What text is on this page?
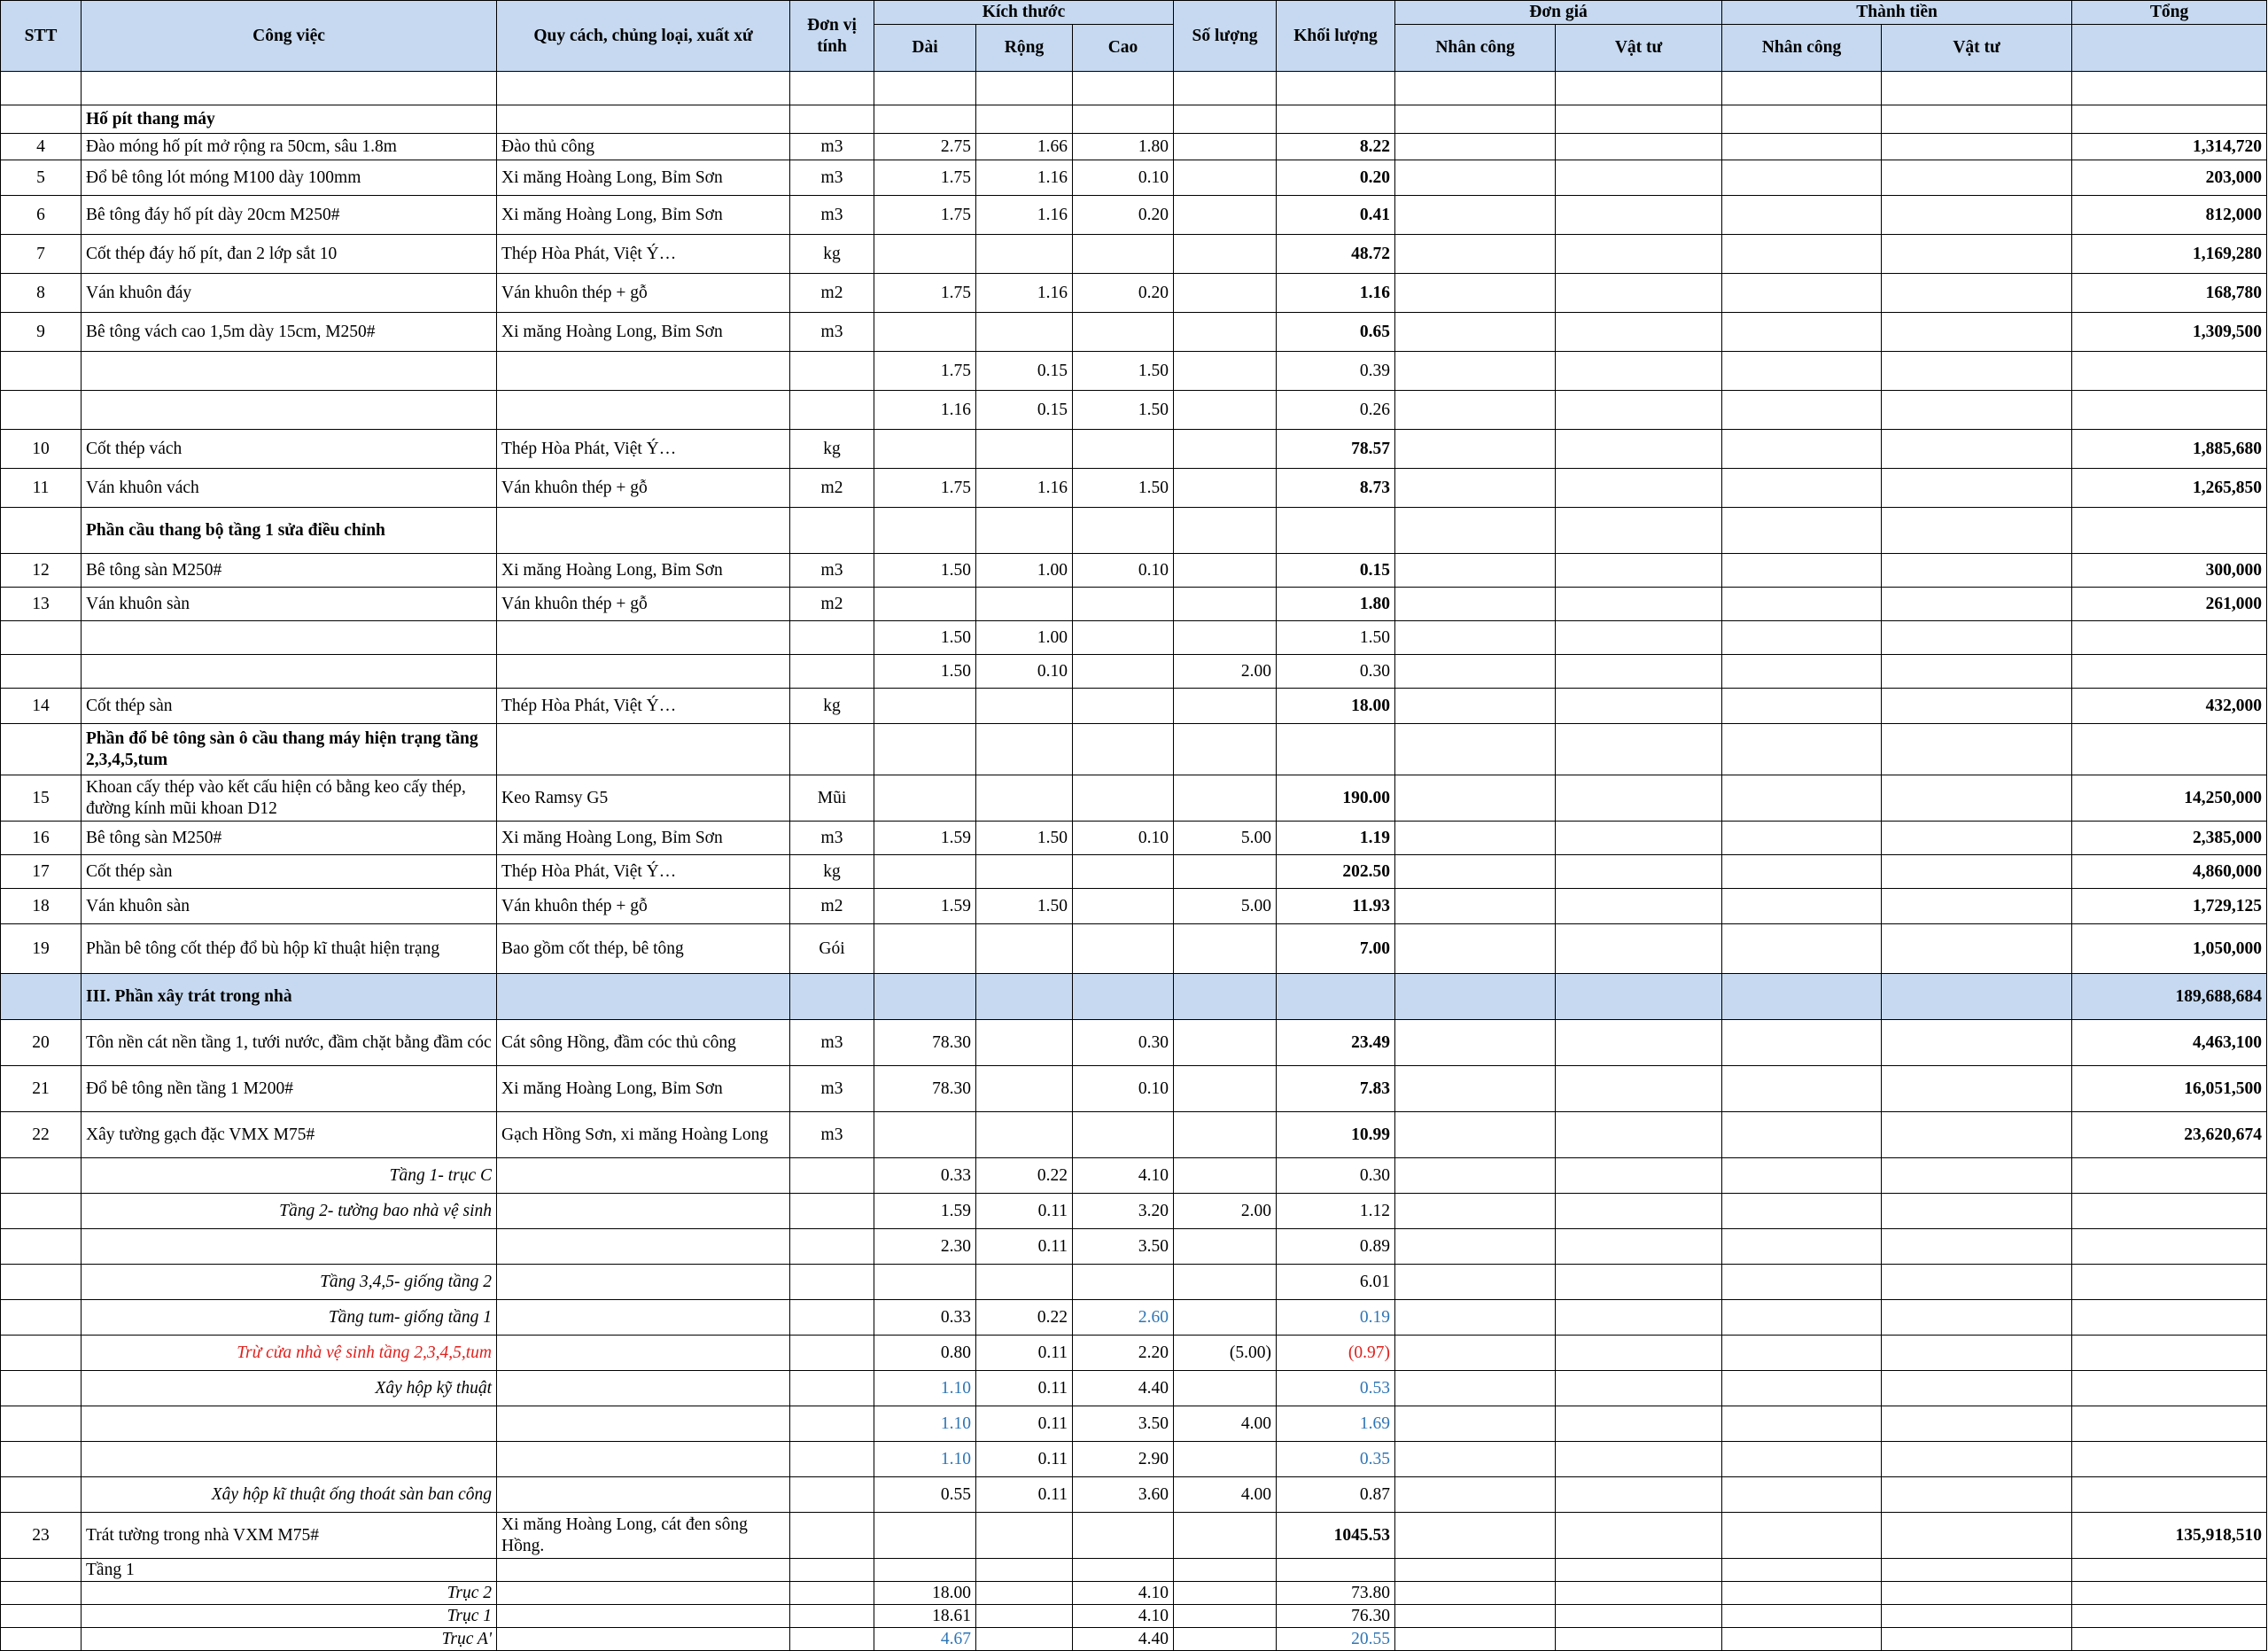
STT	Công việc	Quy cách, chủng loại, xuất xứ	Đơn vị tính	Kích thước			Số lượng	Khối lượng	Đơn giá		Thành tiền		Tổng
				Dài	Rộng	Cao			Nhân công	Vật tư	Nhân công	Vật tư	

	Hố pít thang máy												
4	Đào móng hố pít mở rộng ra 50cm, sâu 1.8m	Đào thủ công	m3	2.75	1.66	1.80		8.22					1,314,720
5	Đổ bê tông lót móng M100 dày 100mm	Xi măng Hoàng Long, Bỉm Sơn	m3	1.75	1.16	0.10		0.20					203,000
6	Bê tông đáy hố pít dày 20cm M250#	Xi măng Hoàng Long, Bỉm Sơn	m3	1.75	1.16	0.20		0.41					812,000
7	Cốt thép đáy hố pít, đan 2 lớp sắt 10	Thép Hòa Phát, Việt Ý…	kg					48.72					1,169,280
8	Ván khuôn đáy	Ván khuôn thép + gỗ	m2	1.75	1.16	0.20		1.16					168,780
9	Bê tông vách cao 1,5m dày 15cm, M250#	Xi măng Hoàng Long, Bỉm Sơn	m3					0.65					1,309,500
				1.75	0.15	1.50		0.39					
				1.16	0.15	1.50		0.26					
10	Cốt thép vách	Thép Hòa Phát, Việt Ý…	kg					78.57					1,885,680
11	Ván khuôn vách	Ván khuôn thép + gỗ	m2	1.75	1.16	1.50		8.73					1,265,850
	Phần cầu thang bộ tầng 1 sửa điều chỉnh												
12	Bê tông sàn M250#	Xi măng Hoàng Long, Bỉm Sơn	m3	1.50	1.00	0.10		0.15					300,000
13	Ván khuôn sàn	Ván khuôn thép + gỗ	m2					1.80					261,000
				1.50	1.00			1.50					
				1.50	0.10		2.00	0.30					
14	Cốt thép sàn	Thép Hòa Phát, Việt Ý…	kg					18.00					432,000
	Phần đổ bê tông sàn ô cầu thang máy hiện trạng tầng 2,3,4,5,tum												
15	Khoan cấy thép vào kết cấu hiện có bằng keo cấy thép, đường kính mũi khoan D12	Keo Ramsy G5	Mũi					190.00					14,250,000
16	Bê tông sàn M250#	Xi măng Hoàng Long, Bỉm Sơn	m3	1.59	1.50	0.10	5.00	1.19					2,385,000
17	Cốt thép sàn	Thép Hòa Phát, Việt Ý…	kg					202.50					4,860,000
18	Ván khuôn sàn	Ván khuôn thép + gỗ	m2	1.59	1.50		5.00	11.93					1,729,125
19	Phần bê tông cốt thép đổ bù hộp kĩ thuật hiện trạng	Bao gồm cốt thép, bê tông	Gói					7.00					1,050,000
	III. Phần xây trát trong nhà												189,688,684
20	Tôn nền cát nền tầng 1, tưới nước, đầm chặt bằng đầm cóc	Cát sông Hồng, đầm cóc thủ công	m3	78.30		0.30		23.49					4,463,100
21	Đổ bê tông nền tầng 1 M200#	Xi măng Hoàng Long, Bỉm Sơn	m3	78.30		0.10		7.83					16,051,500
22	Xây tường gạch đặc VMX M75#	Gạch Hồng Sơn, xi măng Hoàng Long	m3					10.99					23,620,674
	Tầng 1- trục C			0.33	0.22	4.10		0.30					
	Tầng 2- tường bao nhà vệ sinh			1.59	0.11	3.20	2.00	1.12					
				2.30	0.11	3.50		0.89					
	Tầng 3,4,5- giống tầng 2							6.01					
	Tầng tum- giống tầng 1			0.33	0.22	2.60		0.19					
	Trừ cửa nhà vệ sinh tầng 2,3,4,5,tum			0.80	0.11	2.20	(5.00)	(0.97)					
	Xây hộp kỹ thuật			1.10	0.11	4.40		0.53					
				1.10	0.11	3.50	4.00	1.69					
				1.10	0.11	2.90		0.35					
	Xây hộp kĩ thuật ống thoát sàn ban công			0.55	0.11	3.60	4.00	0.87					
23	Trát tường trong nhà VXM M75#	Xi măng Hoàng Long, cát đen sông Hồng.						1045.53					135,918,510
	Tầng 1												
	Trục 2			18.00		4.10		73.80					
	Trục 1			18.61		4.10		76.30					
	Trục A'			4.67		4.40		20.55					
